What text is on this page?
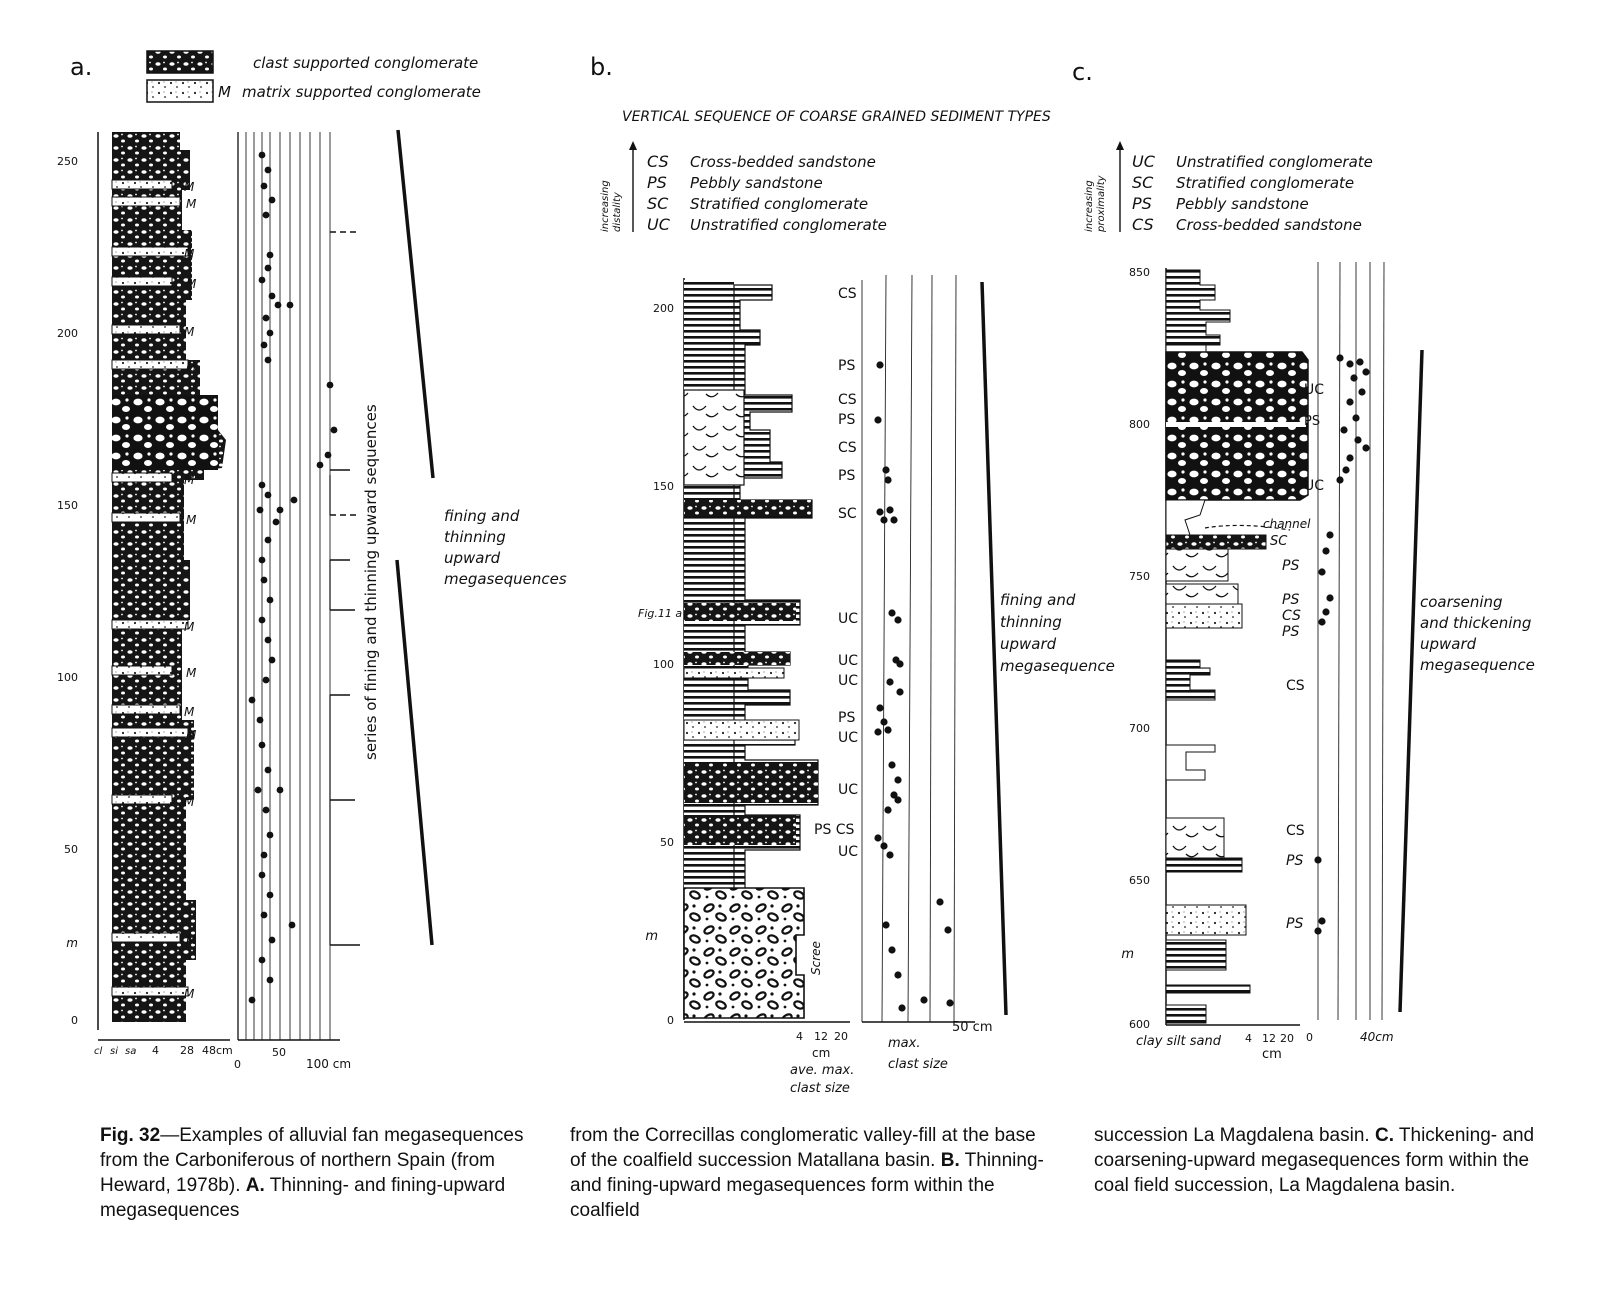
a.	clast supported conglomerate
M matrix supported conglomerate
250
200
150
100
50
m
0
M
M
M
M
M
M
M
M
M
M
M
M
M
M
M
cl si sa 4 28 48cm
0
50
100 cm
series of fining and thinning upward sequences	fining and
thinning
upward
megasequences
b.
VERTICAL SEQUENCE OF COARSE GRAINED SEDIMENT TYPES
increasing distality
CS Cross-bedded sandstone
PS Pebbly sandstone
SC Stratified conglomerate
UC Unstratified conglomerate
200
150
100
50
m
0
Fig.11 a
Scree
CS
PS
CS
PS
CS
PS
SC
UC
UC
UC
PS
UC
UC
PS CS
UC
4 12 20
cm
ave. max.
clast size
50 cm
max.
clast size
fining and
thinning
upward
megasequence
c.
increasing proximality
UC Unstratified conglomerate
SC Stratified conglomerate
PS Pebbly sandstone
CS Cross-bedded sandstone
850
800
750
700
650
m
600
UC
PS
UC
channel
SC
PS
PS
CS
PS
CS
CS
PS
PS
clay silt sand 4 12 20
cm
0	40cm
coarsening
and thickening
upward
megasequence
Fig. 32—Examples of alluvial fan megasequences from the Carboniferous of northern Spain (from Heward, 1978b). A. Thinning- and fining-upward megasequences
from the Correcillas conglomeratic valley-fill at the base of the coalfield succession Matallana basin. B. Thinning- and fining-upward megasequences form within the coalfield
succession La Magdalena basin. C. Thickening- and coarsening-upward megasequences form within the coal field succession, La Magdalena basin.
